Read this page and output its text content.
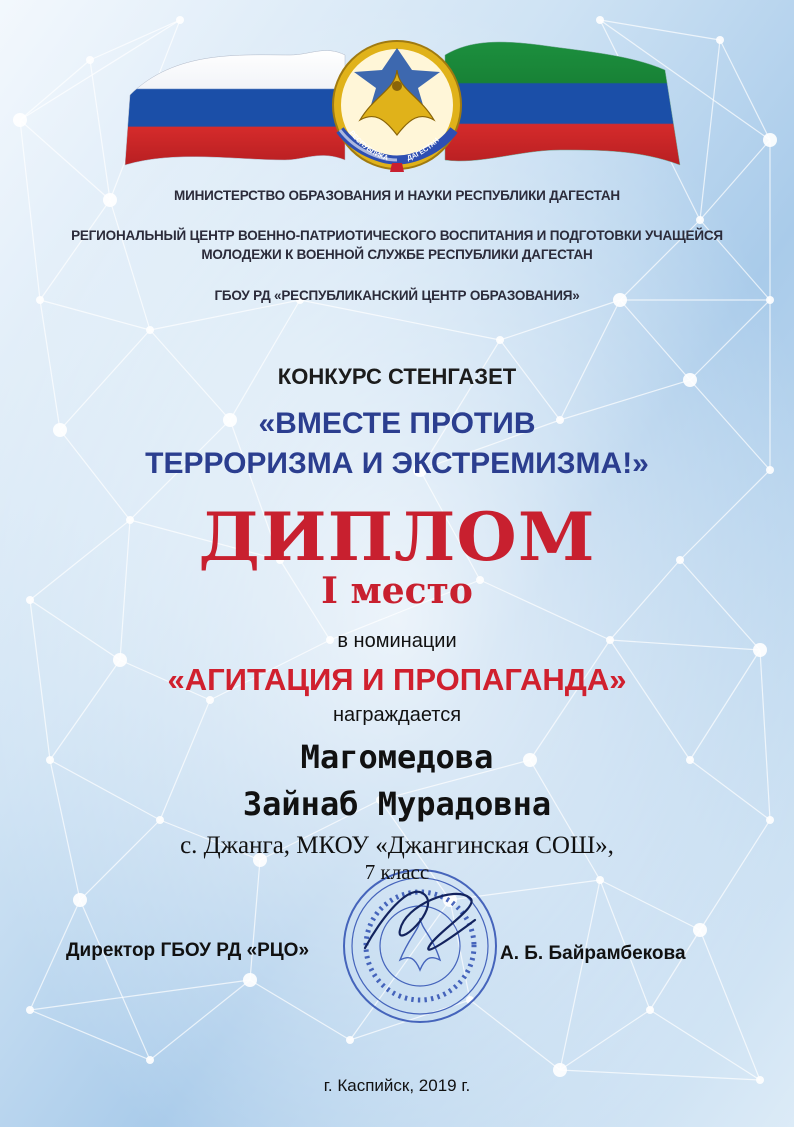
РЕСПУБЛИКА ДАГЕСТАН
МИНИСТЕРСТВО ОБРАЗОВАНИЯ И НАУКИ РЕСПУБЛИКИ ДАГЕСТАН
РЕГИОНАЛЬНЫЙ ЦЕНТР ВОЕННО-ПАТРИОТИЧЕСКОГО ВОСПИТАНИЯ И ПОДГОТОВКИ УЧАЩЕЙСЯ
МОЛОДЕЖИ К ВОЕННОЙ СЛУЖБЕ РЕСПУБЛИКИ ДАГЕСТАН
ГБОУ РД «РЕСПУБЛИКАНСКИЙ ЦЕНТР ОБРАЗОВАНИЯ»
КОНКУРС СТЕНГАЗЕТ
«ВМЕСТЕ ПРОТИВ
ТЕРРОРИЗМА И ЭКСТРЕМИЗМА!»
ДИПЛОМ
I место
в номинации
«АГИТАЦИЯ И ПРОПАГАНДА»
награждается
Магомедова
Зайнаб Мурадовна
с. Джанга, МКОУ «Джангинская СОШ»,
7 класс
Директор ГБОУ РД «РЦО»	А. Б. Байрамбекова
г. Каспийск, 2019 г.
